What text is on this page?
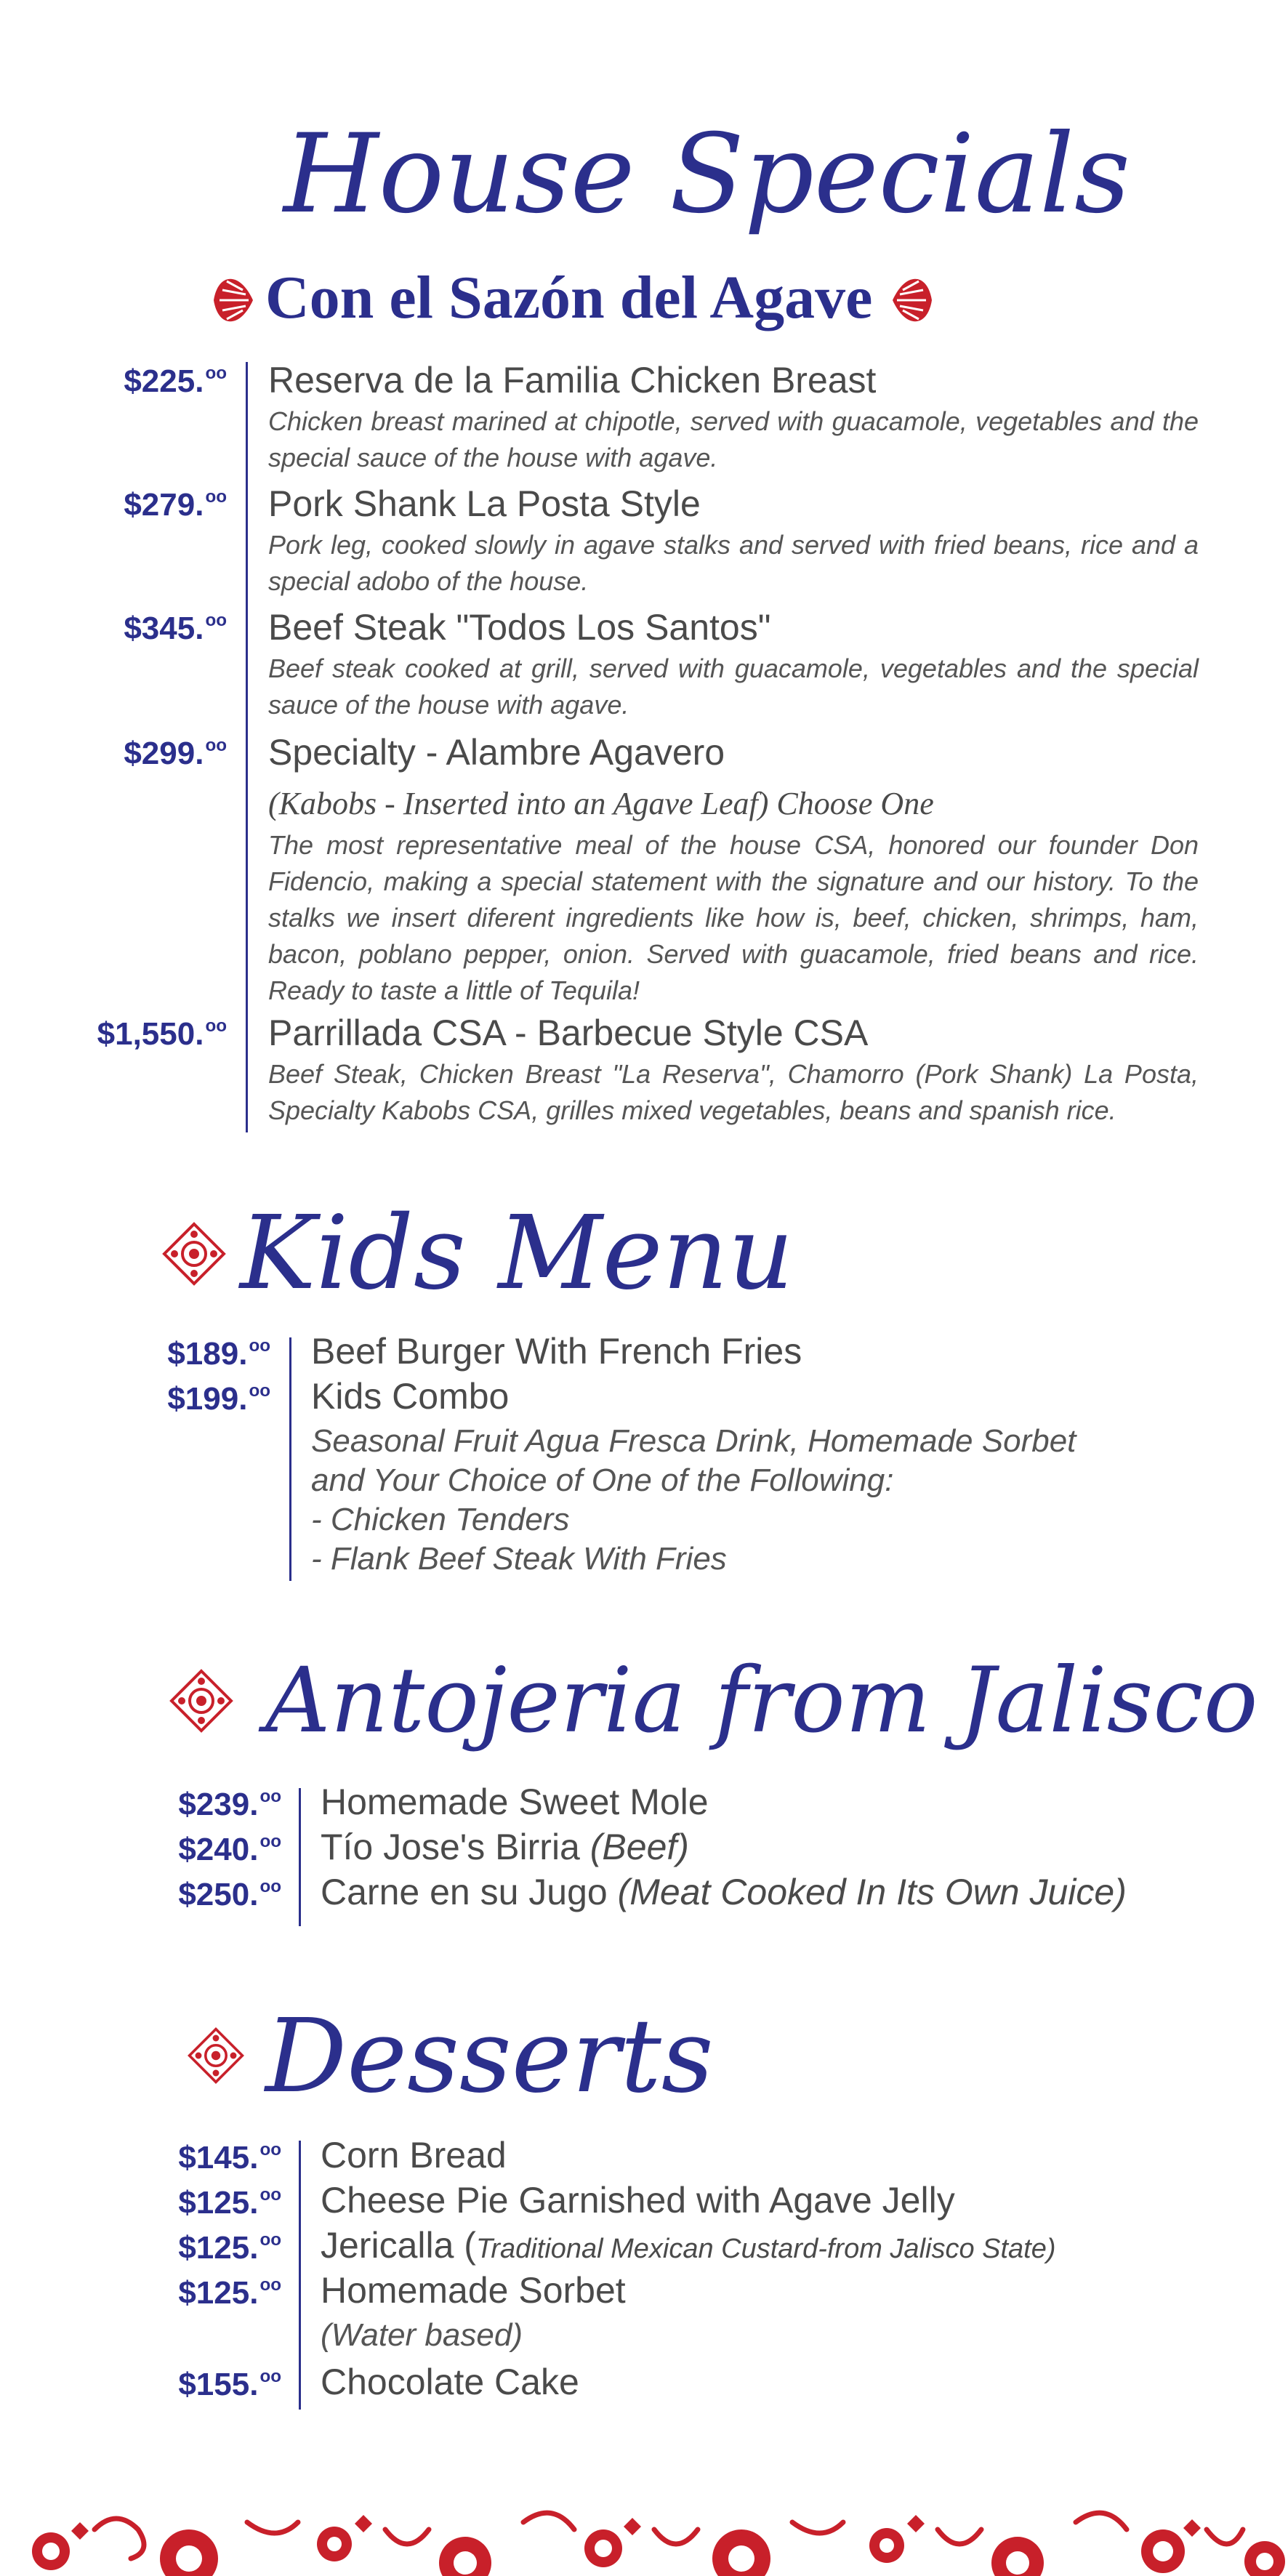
House Specials
Con el Sazón del Agave
$225.$^{oo}$ Reserva de la Familia Chicken Breast
Chicken breast marined at chipotle, served with guacamole, vegetables and the special sauce of the house with agave.
$279.$^{oo}$ Pork Shank La Posta Style
Pork leg, cooked slowly in agave stalks and served with fried beans, rice and a special adobo of the house.
$345.$^{oo}$ Beef Steak "Todos Los Santos"
Beef steak cooked at grill, served with guacamole, vegetables and the special sauce of the house with agave.
$299.$^{oo}$ Specialty - Alambre Agavero
(Kabobs - Inserted into an Agave Leaf) Choose One
The most representative meal of the house CSA, honored our founder Don Fidencio, making a special statement with the signature and our history. To the stalks we insert diferent ingredients like how is, beef, chicken, shrimps, ham, bacon, poblano pepper, onion. Served with guacamole, fried beans and rice. Ready to taste a little of Tequila!
$1,550.$^{oo}$ Parrillada CSA - Barbecue Style CSA
Beef Steak, Chicken Breast "La Reserva", Chamorro (Pork Shank) La Posta, Specialty Kabobs CSA, grilles mixed vegetables, beans and spanish rice.
Kids Menu
$189.$^{oo}$ Beef Burger With French Fries
$199.$^{oo}$ Kids Combo
Seasonal Fruit Agua Fresca Drink, Homemade Sorbet
and Your Choice of One of the Following:
- Chicken Tenders
- Flank Beef Steak With Fries
Antojeria from Jalisco
$239.$^{oo}$ Homemade Sweet Mole
$240.$^{oo}$ Tío Jose's Birria (Beef)
$250.$^{oo}$ Carne en su Jugo (Meat Cooked In Its Own Juice)
Desserts
$145.$^{oo}$ Corn Bread
$125.$^{oo}$ Cheese Pie Garnished with Agave Jelly
$125.$^{oo}$ Jericalla (Traditional Mexican Custard-from Jalisco State)
$125.$^{oo}$ Homemade Sorbet
(Water based)
$155.$^{oo}$ Chocolate Cake
